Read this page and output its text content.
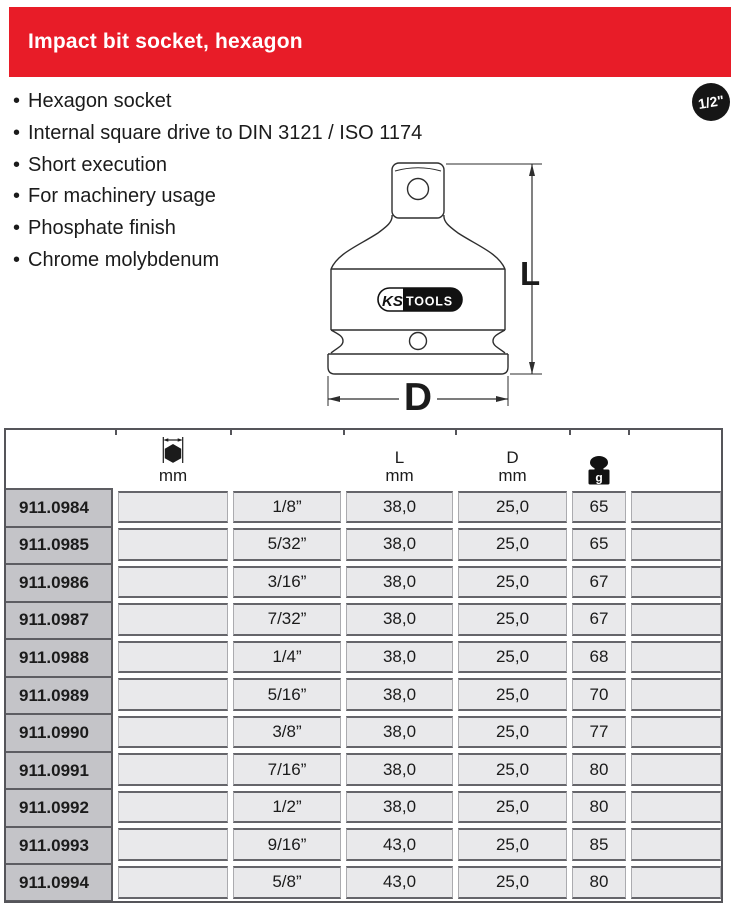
Impact bit socket, hexagon
1/2"
• Hexagon socket
• Internal square drive to DIN 3121 / ISO 1174
• Short execution
• For machinery usage
• Phosphate finish
• Chrome molybdenum
KS TOOLS
L
D
mm
L
mm
D
mm	g
911.0984	1/8”	38,0	25,0	65
911.0985	5/32”	38,0	25,0	65
911.0986	3/16”	38,0	25,0	67
911.0987	7/32”	38,0	25,0	67
911.0988	1/4”	38,0	25,0	68
911.0989	5/16”	38,0	25,0	70
911.0990	3/8”	38,0	25,0	77
911.0991	7/16”	38,0	25,0	80
911.0992	1/2”	38,0	25,0	80
911.0993	9/16”	43,0	25,0	85
911.0994	5/8”	43,0	25,0	80
